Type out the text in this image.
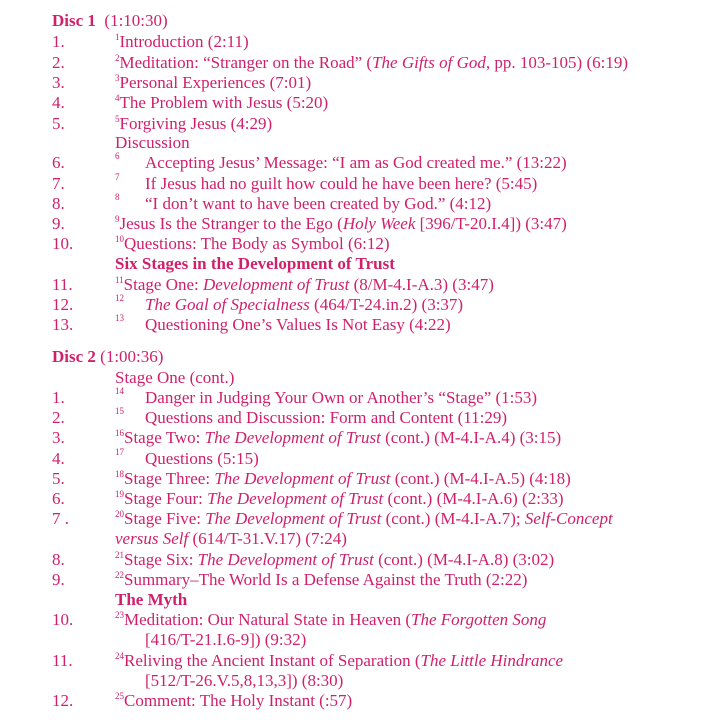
Disc 1 (1:10:30)
1.	$^1$Introduction (2:11)
2.	$^2$Meditation: “Stranger on the Road” (The Gifts of God, pp. 103-105) (6:19)
3.	$^3$Personal Experiences (7:01)
4.	$^4$The Problem with Jesus (5:20)
5.	$^5$Forgiving Jesus (4:29)
Discussion
6.	6 Accepting Jesus’ Message: “I am as God created me.” (13:22)
7.	7 If Jesus had no guilt how could he have been here? (5:45)
8.	8 “I don’t want to have been created by God.” (4:12)
9.	$^9$Jesus Is the Stranger to the Ego (Holy Week [396/T-20.I.4]) (3:47)
10.	$^{10}$Questions: The Body as Symbol (6:12)
Six Stages in the Development of Trust
11.	$^{11}$Stage One: Development of Trust (8/M-4.I-A.3) (3:47)
12.	12 The Goal of Specialness (464/T-24.in.2) (3:37)
13.	13 Questioning One’s Values Is Not Easy (4:22)
Disc 2 (1:00:36)
Stage One (cont.)
1.	14 Danger in Judging Your Own or Another’s “Stage” (1:53)
2.	15 Questions and Discussion: Form and Content (11:29)
3.	$^{16}$Stage Two: The Development of Trust (cont.) (M-4.I-A.4) (3:15)
4.	17 Questions (5:15)
5.	$^{18}$Stage Three: The Development of Trust (cont.) (M-4.I-A.5) (4:18)
6.	$^{19}$Stage Four: The Development of Trust (cont.) (M-4.I-A.6) (2:33)
7 .	$^{20}$Stage Five: The Development of Trust (cont.) (M-4.I-A.7); Self-Concept
versus Self (614/T-31.V.17) (7:24)
8.	$^{21}$Stage Six: The Development of Trust (cont.) (M-4.I-A.8) (3:02)
9.	$^{22}$Summary–The World Is a Defense Against the Truth (2:22)
The Myth
10.	$^{23}$Meditation: Our Natural State in Heaven (The Forgotten Song
[416/T-21.I.6-9]) (9:32)
11.	$^{24}$Reliving the Ancient Instant of Separation (The Little Hindrance
[512/T-26.V.5,8,13,3]) (8:30)
12.	$^{25}$Comment: The Holy Instant (:57)
